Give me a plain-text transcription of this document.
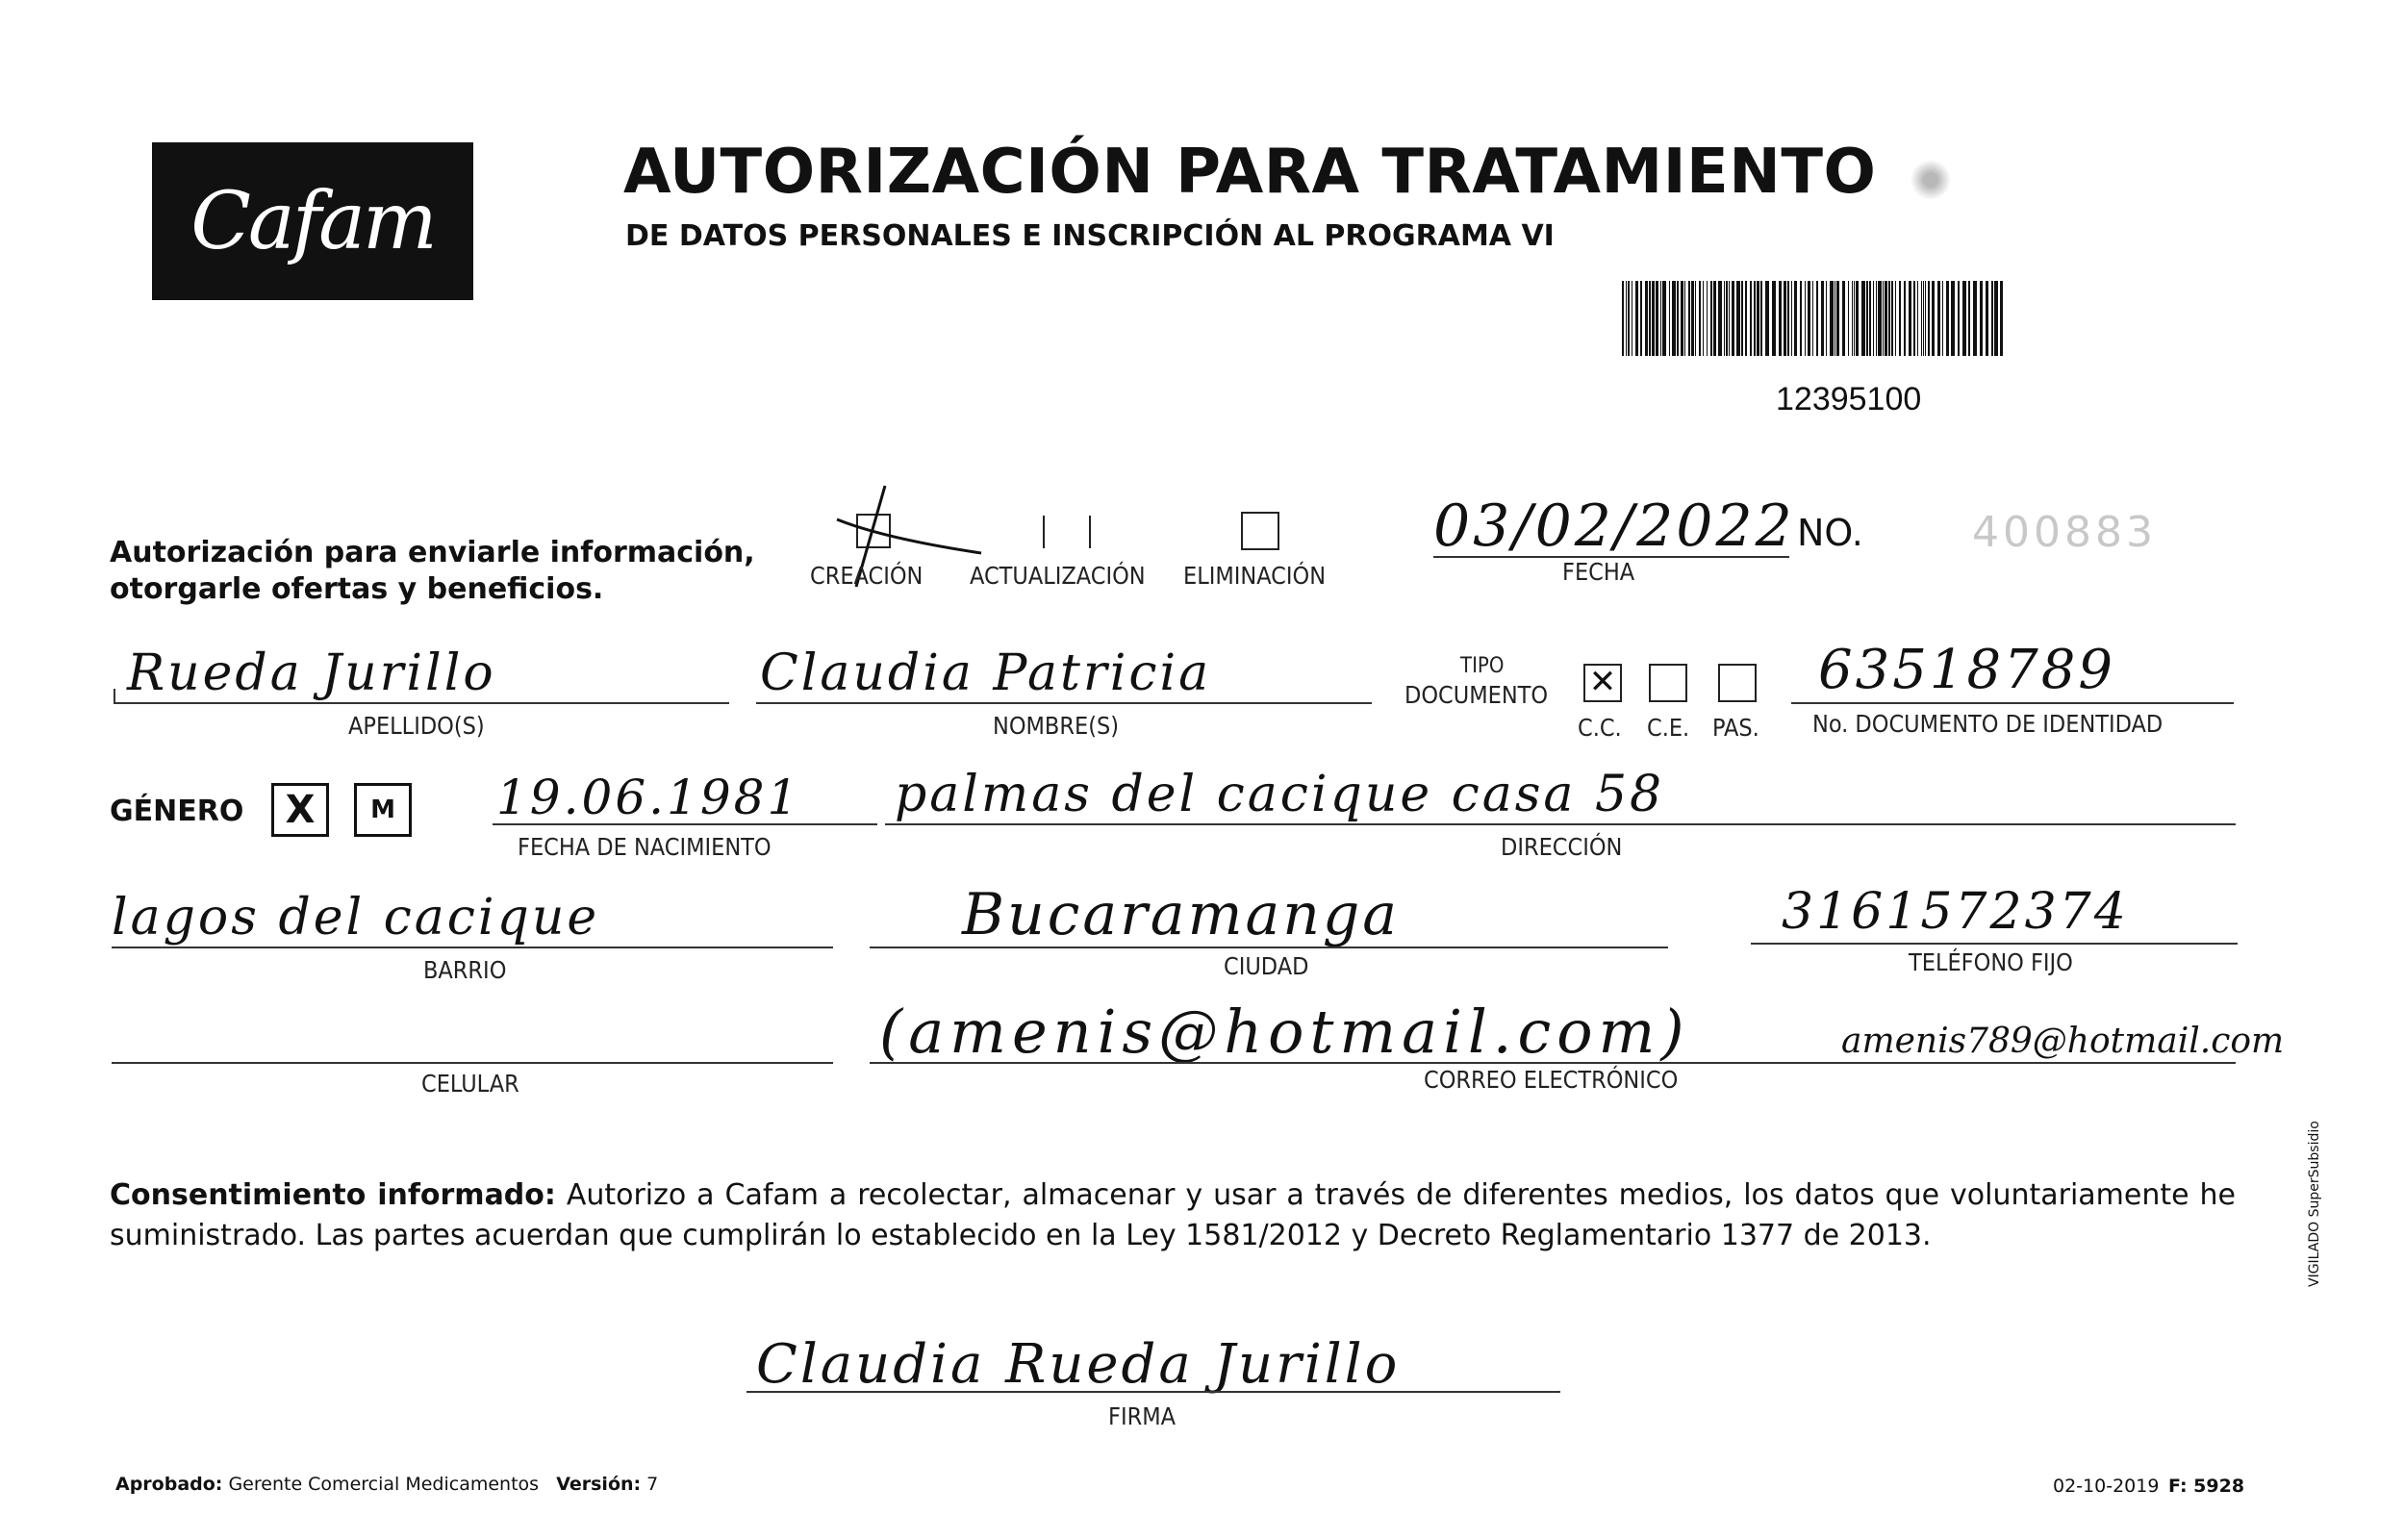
Cafam
AUTORIZACIÓN PARA TRATAMIENTO
DE DATOS PERSONALES E INSCRIPCIÓN AL PROGRAMA VI
12395100
Autorización para enviarle información,
otorgarle ofertas y beneficios.	CREACIÓN ACTUALIZACIÓN ELIMINACIÓN
03/02/2022
FECHA
NO.	400883
Rueda Jurillo
APELLIDO(S)
Claudia Patricia
NOMBRE(S)
TIPO
DOCUMENTO ✕
C.C. C.E. PAS.
63518789
No. DOCUMENTO DE IDENTIDAD
GÉNERO	X	M	19.06.1981
FECHA DE NACIMIENTO
palmas del cacique casa 58
DIRECCIÓN
lagos del cacique
BARRIO
Bucaramanga
CIUDAD
3161572374
TELÉFONO FIJO
CELULAR
(amenis@hotmail.com)	amenis789@hotmail.com
CORREO ELECTRÓNICO
Consentimiento informado: Autorizo a Cafam a recolectar, almacenar y usar a través de diferentes medios, los datos que voluntariamente he suministrado. Las partes acuerdan que cumplirán lo establecido en la Ley 1581/2012 y Decreto Reglamentario 1377 de 2013.
Claudia Rueda Jurillo
FIRMA
Aprobado: Gerente Comercial Medicamentos Versión: 7	02-10-2019 F: 5928
VIGILADO SuperSubsidio
